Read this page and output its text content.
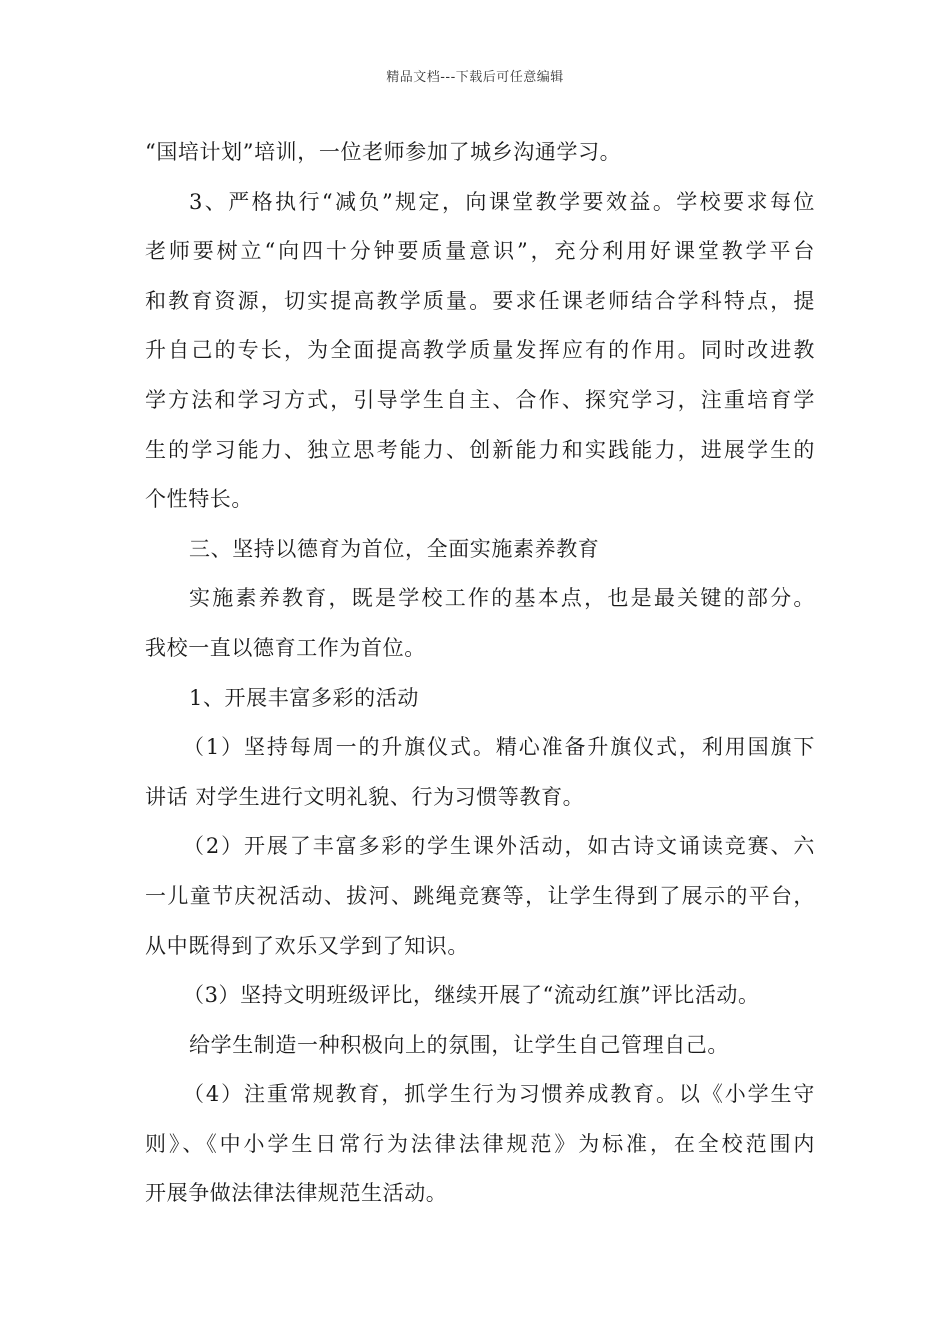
精品文档---下载后可任意编辑
“国培计划”培训，一位老师参加了城乡沟通学习。
3、严格执行“减负”规定，向课堂教学要效益。学校要求每位
老师要树立“向四十分钟要质量意识”，充分利用好课堂教学平台
和教育资源，切实提高教学质量。要求任课老师结合学科特点，提
升自己的专长，为全面提高教学质量发挥应有的作用。同时改进教
学方法和学习方式，引导学生自主、合作、探究学习，注重培育学
生的学习能力、独立思考能力、创新能力和实践能力，进展学生的
个性特长。
三、坚持以德育为首位，全面实施素养教育
实施素养教育，既是学校工作的基本点，也是最关键的部分。
我校一直以德育工作为首位。
1、开展丰富多彩的活动
（1）坚持每周一的升旗仪式。精心准备升旗仪式，利用国旗下
讲话 对学生进行文明礼貌、行为习惯等教育。
（2）开展了丰富多彩的学生课外活动，如古诗文诵读竞赛、六
一儿童节庆祝活动、拔河、跳绳竞赛等，让学生得到了展示的平台，
从中既得到了欢乐又学到了知识。
（3）坚持文明班级评比，继续开展了“流动红旗”评比活动。
给学生制造一种积极向上的氛围，让学生自己管理自己。
（4）注重常规教育，抓学生行为习惯养成教育。以《小学生守
则》、《中小学生日常行为法律法律规范》为标准，在全校范围内
开展争做法律法律规范生活动。
